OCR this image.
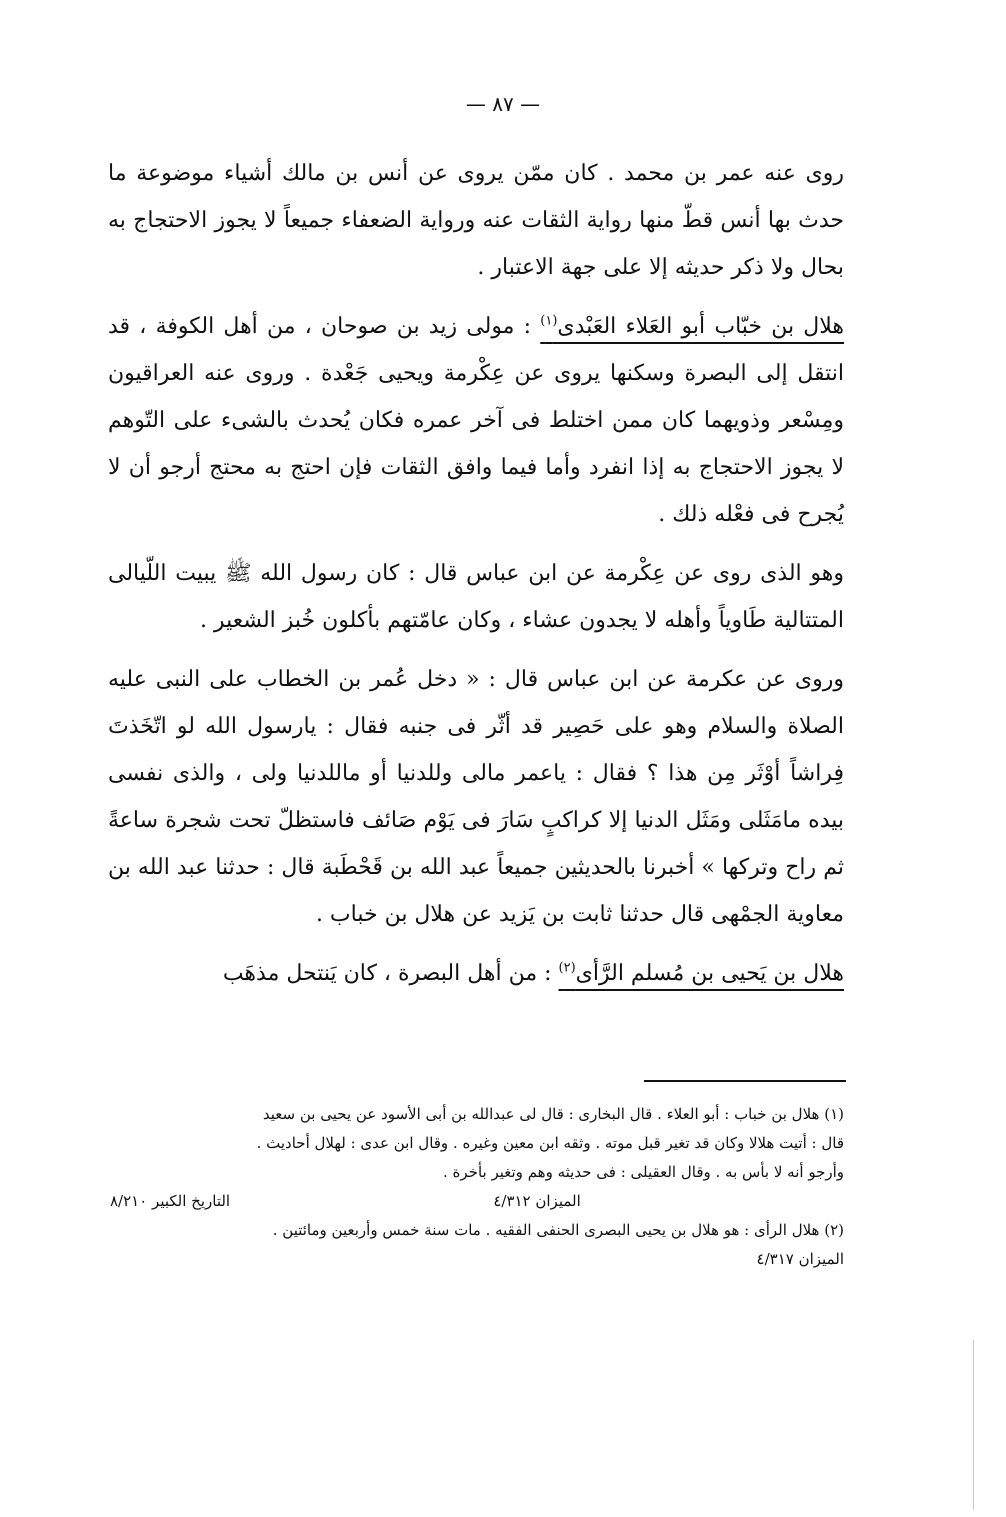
— ٨٧ —

روى عنه عمر بن محمد . كان ممّن يروى عن أنس بن مالك أشياء موضوعة ما حدث بها أنس قطّ منها رواية الثقات عنه ورواية الضعفاء جميعاً لا يجوز الاحتجاج به بحال ولا ذكر حديثه إلا على جهة الاعتبار .

هلال بن خبّاب أبو العَلاء العَبْدى$^{(١)}$ : مولى زيد بن صوحان ، من أهل الكوفة ، قد انتقل إلى البصرة وسكنها يروى عن عِكْرمة ويحيى جَعْدة . وروى عنه العراقيون ومِسْعر وذويهما كان ممن اختلط فى آخر عمره فكان يُحدث بالشىء على التّوهم لا يجوز الاحتجاج به إذا انفرد وأما فيما وافق الثقات فإن احتج به محتج أرجو أن لا يُجرح فى فعْله ذلك .

وهو الذى روى عن عِكْرمة عن ابن عباس قال : كان رسول الله ﷺ يبيت اللّيالى المتتالية طَاوياً وأهله لا يجدون عشاء ، وكان عامّتهم بأكلون خُبز الشعير .

وروى عن عكرمة عن ابن عباس قال : « دخل عُمر بن الخطاب على النبى عليه الصلاة والسلام وهو على حَصِير قد أثّر فى جنبه فقال : يارسول الله لو اتّخَذتَ فِراشاً أوْثَر مِن هذا ؟ فقال : ياعمر مالى وللدنيا أو ماللدنيا ولى ، والذى نفسى بيده مامَثَلى ومَثَل الدنيا إلا كراكبٍ سَارَ فى يَوْم صَائف فاستظلّ تحت شجرة ساعةً ثم راح وتركها » أخبرنا بالحديثين جميعاً عبد الله بن قَحْطَبة قال : حدثنا عبد الله بن معاوية الجمْهى قال حدثنا ثابت بن يَزيد عن هلال بن خباب .

هلال بن يَحيى بن مُسلم الرَّأى$^{(٢)}$ : من أهل البصرة ، كان يَنتحل مذهَب

(١) هلال بن خباب : أبو العلاء . قال البخارى : قال لى عبدالله بن أبى الأسود عن يحيى بن سعيد
قال : أتيت هلالا وكان قد تغير قبل موته . وثقه ابن معين وغيره . وقال ابن عدى : لهلال أحاديث .
وأرجو أنه لا بأس به . وقال العقيلى : فى حديثه وهم وتغير بأخرة .
الميزان ٤/٣١٢
التاريخ الكبير ٨/٢١٠
(٢) هلال الرأى : هو هلال بن يحيى البصرى الحنفى الفقيه . مات سنة خمس وأربعين ومائتين .
الميزان ٤/٣١٧
